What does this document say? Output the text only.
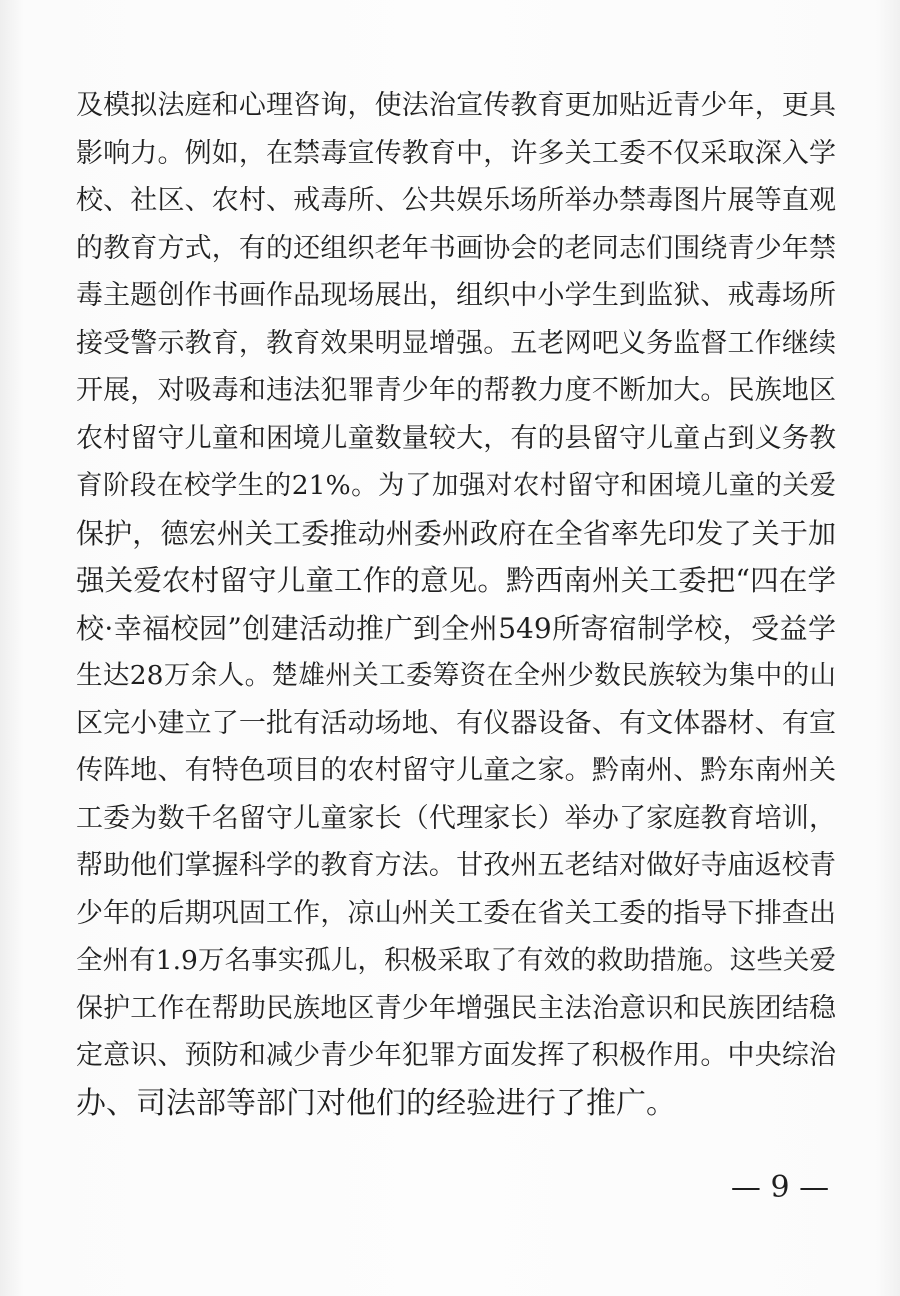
及模拟法庭和心理咨询，使法治宣传教育更加贴近青少年，更具
影响力。例如，在禁毒宣传教育中，许多关工委不仅采取深入学
校、社区、农村、戒毒所、公共娱乐场所举办禁毒图片展等直观
的教育方式，有的还组织老年书画协会的老同志们围绕青少年禁
毒主题创作书画作品现场展出，组织中小学生到监狱、戒毒场所
接受警示教育，教育效果明显增强。五老网吧义务监督工作继续
开展，对吸毒和违法犯罪青少年的帮教力度不断加大。民族地区
农村留守儿童和困境儿童数量较大，有的县留守儿童占到义务教
育阶段在校学生的21%。为了加强对农村留守和困境儿童的关爱
保护，德宏州关工委推动州委州政府在全省率先印发了关于加
强关爱农村留守儿童工作的意见。黔西南州关工委把“四在学
校·幸福校园”创建活动推广到全州549所寄宿制学校，受益学
生达28万余人。楚雄州关工委筹资在全州少数民族较为集中的山
区完小建立了一批有活动场地、有仪器设备、有文体器材、有宣
传阵地、有特色项目的农村留守儿童之家。黔南州、黔东南州关
工委为数千名留守儿童家长（代理家长）举办了家庭教育培训，
帮助他们掌握科学的教育方法。甘孜州五老结对做好寺庙返校青
少年的后期巩固工作，凉山州关工委在省关工委的指导下排查出
全州有1.9万名事实孤儿，积极采取了有效的救助措施。这些关爱
保护工作在帮助民族地区青少年增强民主法治意识和民族团结稳
定意识、预防和减少青少年犯罪方面发挥了积极作用。中央综治
办、司法部等部门对他们的经验进行了推广。
— 9 —
